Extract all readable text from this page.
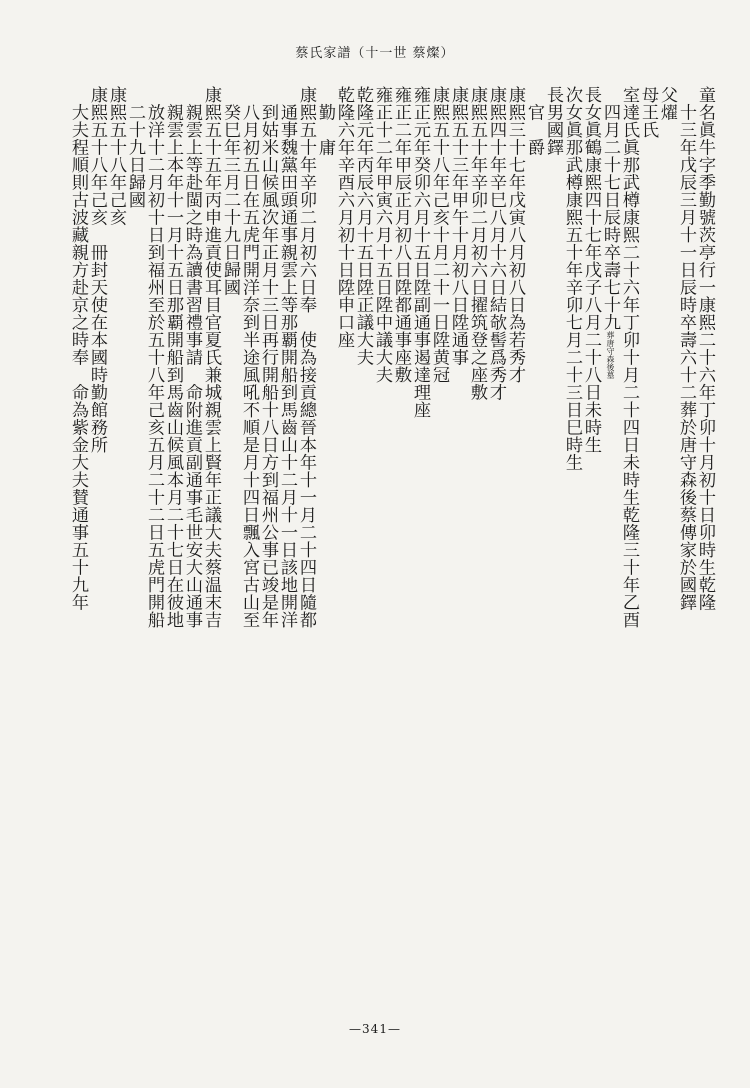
蔡氏家譜（十一世 蔡燦）
童名眞牛字季勤號茨亭行一康熙二十六年丁卯十月初十日卯時生乾隆
　十三年戊辰三月十一日辰時卒壽六十二葬於唐守森後蔡傳家於國鐸
父燿
母王氏
室達氏眞那武樽康熙二十六年丁卯十月二十四日未時生乾隆三十年乙酉
　四月二十七日辰時卒壽七十九葬唐守森後墓
長女眞鶴康熙四十七年戊子八月二十八日未時生
次女眞那武樽康熙五十年辛卯七月二十三日巳時生
長男國鐸
　官　爵
康熙三十七年戊寅八月初八日為若秀才
康熙四十年辛巳八月十六日結欹髻爲秀才
康熙五十年辛卯二月初六日擢筑登之座敷
康熙五十三年甲午十月初八日陞通事
康熙五十八年己亥十月二十一日陞黄冠
雍正元年癸卯六月十五日陞副通事遏達理座
雍正二年甲辰正月初八日陞都通事座敷
雍正十二年甲寅六月十五日陞中議大夫
乾隆元年丙辰六月十五日陞正議大夫
乾隆六年辛酉六月初十日陞申口座
　勤　庸
康熙五十年辛卯二月初六日奉　使為接貢總晉本年十一月二十四日隨都
　通事魏黨田頭通事親雲上等那覇開船到馬齒山十二月十一日該地開洋
　到姑米山候風次年正月十三日再行開船十八日方到福州公事已竣是年
　八月初五日在五虎門開洋奈到半途風吼不順是月十四日飄入宮古山至
　癸巳年三月二十九日歸國
康熙五十五年丙申進貢使耳目官夏氏兼城親雲上賢年正議大夫蔡温末吉
　親雲上等赴閩之時為讀書習禮事請　命附進貢副通事毛世安大山通事
　親雲上本年十一月十五日那覇開船到馬齒山候風本月二十七日在彼地
　放洋十二月初十日到福州至於五十八年己亥五月二十二日五虎門開船
　二十九日歸國
康熙五十八年己亥
康熙五十八年己亥　冊封天使在本國時勤館務所
　大夫程順則古波藏親方赴京之時奉　命為紫金大夫賛通事五十九年
—341—
